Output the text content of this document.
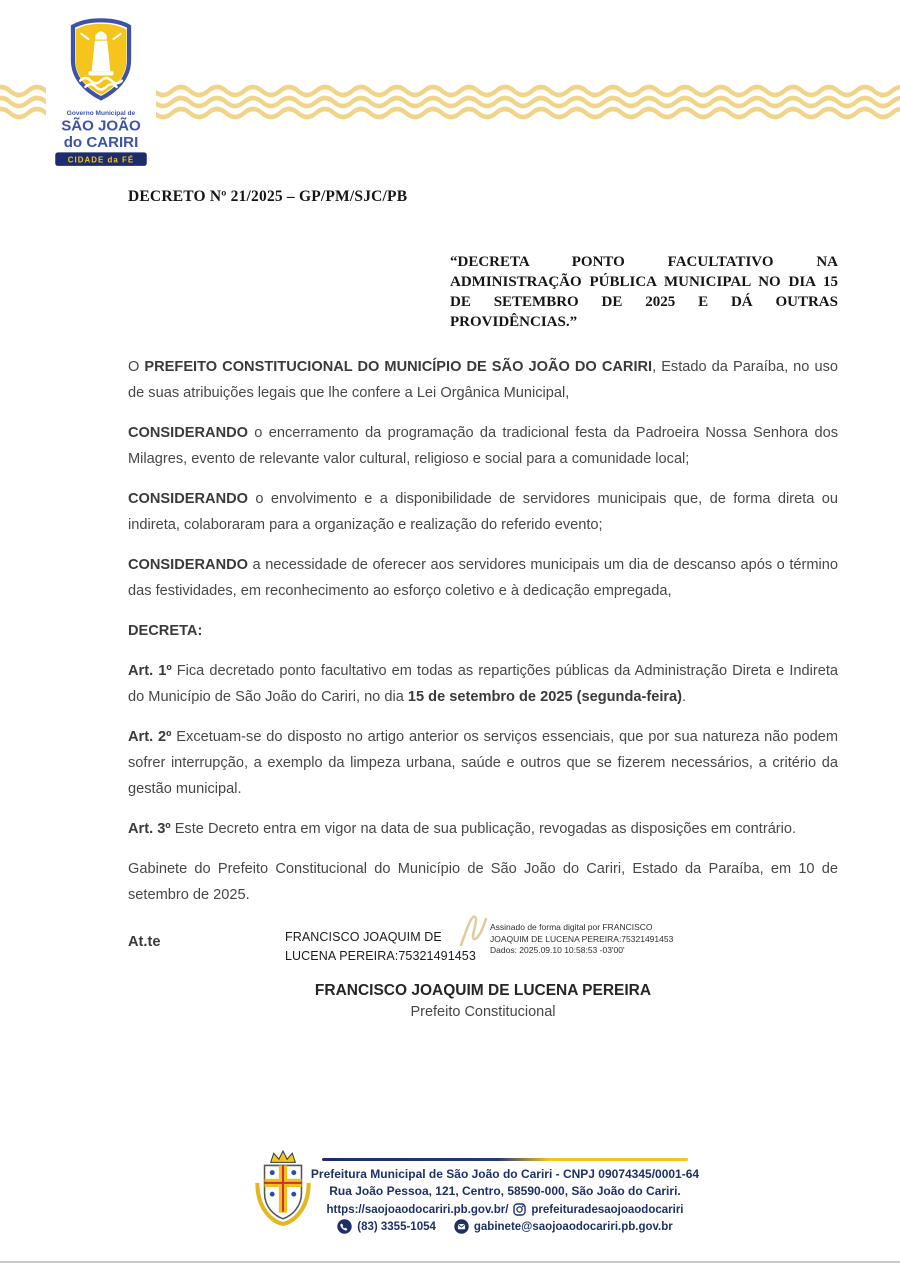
Governo Municipal de
SÃO JOÃO
do CARIRI
CIDADE da FÉ
DECRETO Nº 21/2025 – GP/PM/SJC/PB
“DECRETA PONTO FACULTATIVO NA ADMINISTRAÇÃO PÚBLICA MUNICIPAL NO DIA 15 DE SETEMBRO DE 2025 E DÁ OUTRAS PROVIDÊNCIAS.”

O PREFEITO CONSTITUCIONAL DO MUNICÍPIO DE SÃO JOÃO DO CARIRI, Estado da Paraíba, no uso de suas atribuições legais que lhe confere a Lei Orgânica Municipal,

CONSIDERANDO o encerramento da programação da tradicional festa da Padroeira Nossa Senhora dos Milagres, evento de relevante valor cultural, religioso e social para a comunidade local;

CONSIDERANDO o envolvimento e a disponibilidade de servidores municipais que, de forma direta ou indireta, colaboraram para a organização e realização do referido evento;

CONSIDERANDO a necessidade de oferecer aos servidores municipais um dia de descanso após o término das festividades, em reconhecimento ao esforço coletivo e à dedicação empregada,

DECRETA:

Art. 1º Fica decretado ponto facultativo em todas as repartições públicas da Administração Direta e Indireta do Município de São João do Cariri, no dia 15 de setembro de 2025 (segunda-feira).

Art. 2º Excetuam-se do disposto no artigo anterior os serviços essenciais, que por sua natureza não podem sofrer interrupção, a exemplo da limpeza urbana, saúde e outros que se fizerem necessários, a critério da gestão municipal.

Art. 3º Este Decreto entra em vigor na data de sua publicação, revogadas as disposições em contrário.

Gabinete do Prefeito Constitucional do Município de São João do Cariri, Estado da Paraíba, em 10 de setembro de 2025.

At.te	FRANCISCO JOAQUIM DE
LUCENA PEREIRA:75321491453
Assinado de forma digital por FRANCISCO
JOAQUIM DE LUCENA PEREIRA:75321491453
Dados: 2025.09.10 10:58:53 -03'00'
FRANCISCO JOAQUIM DE LUCENA PEREIRA
Prefeito Constitucional
Prefeitura Municipal de São João do Cariri - CNPJ 09074345/0001-64
Rua João Pessoa, 121, Centro, 58590-000, São João do Cariri.
https://saojoaodocariri.pb.gov.br/ prefeituradesaojoaodocariri
(83) 3355-1054	gabinete@saojoaodocariri.pb.gov.br
